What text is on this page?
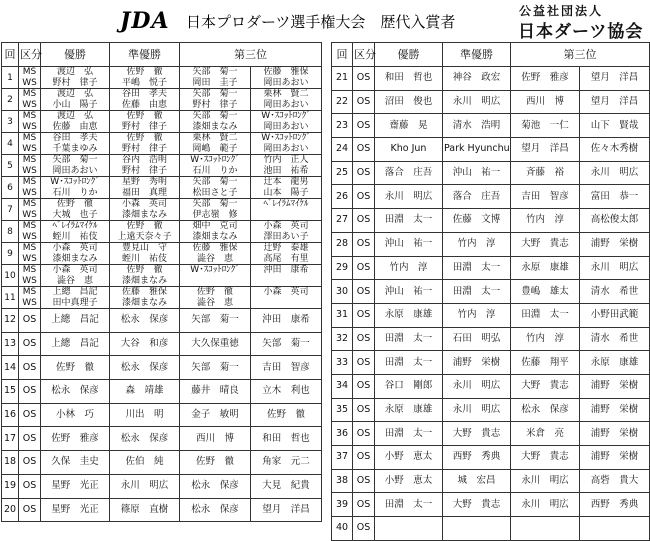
JDA 日本プロダーツ選手権大会　歴代入賞者
公益社団法人
日本ダーツ協会
回	区分	優勝	準優勝	第三位	
1	MS	渡辺　弘	佐野　徹	矢部　菊一	佐藤　雅保
	WS	野村　律子	平嶋　悦子	岡田　圭子	岡田あおい
2	MS	渡辺　弘	谷田　孝夫	矢部　菊一	栗林　賢二
	WS	小山　陽子	佐藤　由恵	野村　律子	岡田あおい
3	MS	渡辺　弘	佐野　徹	矢部　菊一	W･ｽｺｯﾄﾛﾝｸﾞ
	WS	佐藤　由恵	野村　律子	漆畑まなみ	岡田あおい
4	MS	谷田　孝夫	佐野　徹	栗林　賢二	W･ｽｺｯﾄﾛﾝｸﾞ
	WS	千葉まゆみ	野村　律子	岡嶋　範子	岡田あおい
5	MS	矢部　菊一	谷内　浩明	W･ｽｺｯﾄﾛﾝｸﾞ	竹内　正人
	WS	岡田あおい	野村　律子	石川　りか	池田　祐希
6	MS	W･ｽｺｯﾄﾛﾝｸﾞ	星野　秀明	矢部　菊一	辻本　龍男
	WS	石川　りか	福田　真理	松田さと子	山本　陽子
7	MS	佐野　徹	小森　英司	矢部　菊一	ﾍﾞﾚｲﾗﾑﾏｲｹﾙ
	WS	大城　也子	漆畑まなみ	伊志嶺　修	
8	MS	ﾍﾞﾚｲﾗﾑﾏｲｹﾙ	佐野　徹	畑中　克司	小森　英司
	WS	蛭川　祐伎	上遠天奈々子	漆畑まなみ	澤田あい子
9	MS	小森　英司	豊見山　守	佐藤　雅保	辻野　泰雄
	WS	漆畑まなみ	蛭川　祐伎	澁谷　恵	高尾　有里
10	MS	小森　英司	佐野　徹	W･ｽｺｯﾄﾛﾝｸﾞ	沖田　康希
	WS	澁谷　恵	漆畑まなみ		
11	MS	上總　昌記	佐藤　雅保	佐野　徹	小森　英司
	WS	田中真理子	漆畑まなみ	澁谷　恵	
12	OS	上總　昌記	松永　保彦	矢部　菊一	沖田　康希
13	OS	上總　昌記	大谷　和彦	大久保重徳	矢部　菊一
14	OS	佐野　徹	松永　保彦	矢部　菊一	吉田　智彦
15	OS	松永　保彦	森　靖雄	藤井　晴良	立木　利也
16	OS	小林　巧	川出　明	金子　敏明	佐野　徹
17	OS	佐野　雅彦	松永　保彦	西川　博	和田　哲也
18	OS	久保　圭史	佐伯　純	佐野　徹	角家　元二
19	OS	星野　光正	永川　明広	松永　保彦	大見　紀貴
20	OS	星野　光正	篠原　直樹	松永　保彦	望月　洋昌
回	区分	優勝	準優勝	第三位	
21	OS	和田　哲也	神谷　政宏	佐野　雅彦	望月　洋昌
22	OS	沼田　俊也	永川　明広	西川　博	望月　洋昌
23	OS	齋藤　晃	清水　浩明	菊池　一仁	山下　賢哉
24	OS	Kho Jun	Park Hyunchu	望月　洋昌	佐々木秀樹
25	OS	落合　庄吾	沖山　祐一	斉藤　裕	永川　明広
26	OS	永川　明広	落合　庄吾	吉田　智彦	富田　恭一
27	OS	田淵　太一	佐藤　文博	竹内　淳	高松俊太郎
28	OS	沖山　祐一	竹内　淳	大野　貴志	浦野　栄樹
29	OS	竹内　淳	田淵　太一	永原　康雄	永川　明広
30	OS	沖山　祐一	田淵　太一	豊嶋　雄太	清水　希世
31	OS	永原　康雄	竹内　淳	田淵　太一	小野田武範
32	OS	田淵　太一	石田　明弘	竹内　淳	清水　希世
33	OS	田淵　太一	浦野　栄樹	佐藤　翔平	永原　康雄
34	OS	谷口　剛郎	永川　明広	大野　貴志	浦野　栄樹
35	OS	永原　康雄	永川　明広	松永　保彦	浦野　栄樹
36	OS	田淵　太一	大野　貴志	米倉　亮	浦野　栄樹
37	OS	小野　恵太	西野　秀典	大野　貴志	浦野　栄樹
38	OS	小野　恵太	城　宏昌	永川　明広	高砦　貴大
39	OS	田淵　太一	大野　貴志	永川　明広	西野　秀典
40	OS				
